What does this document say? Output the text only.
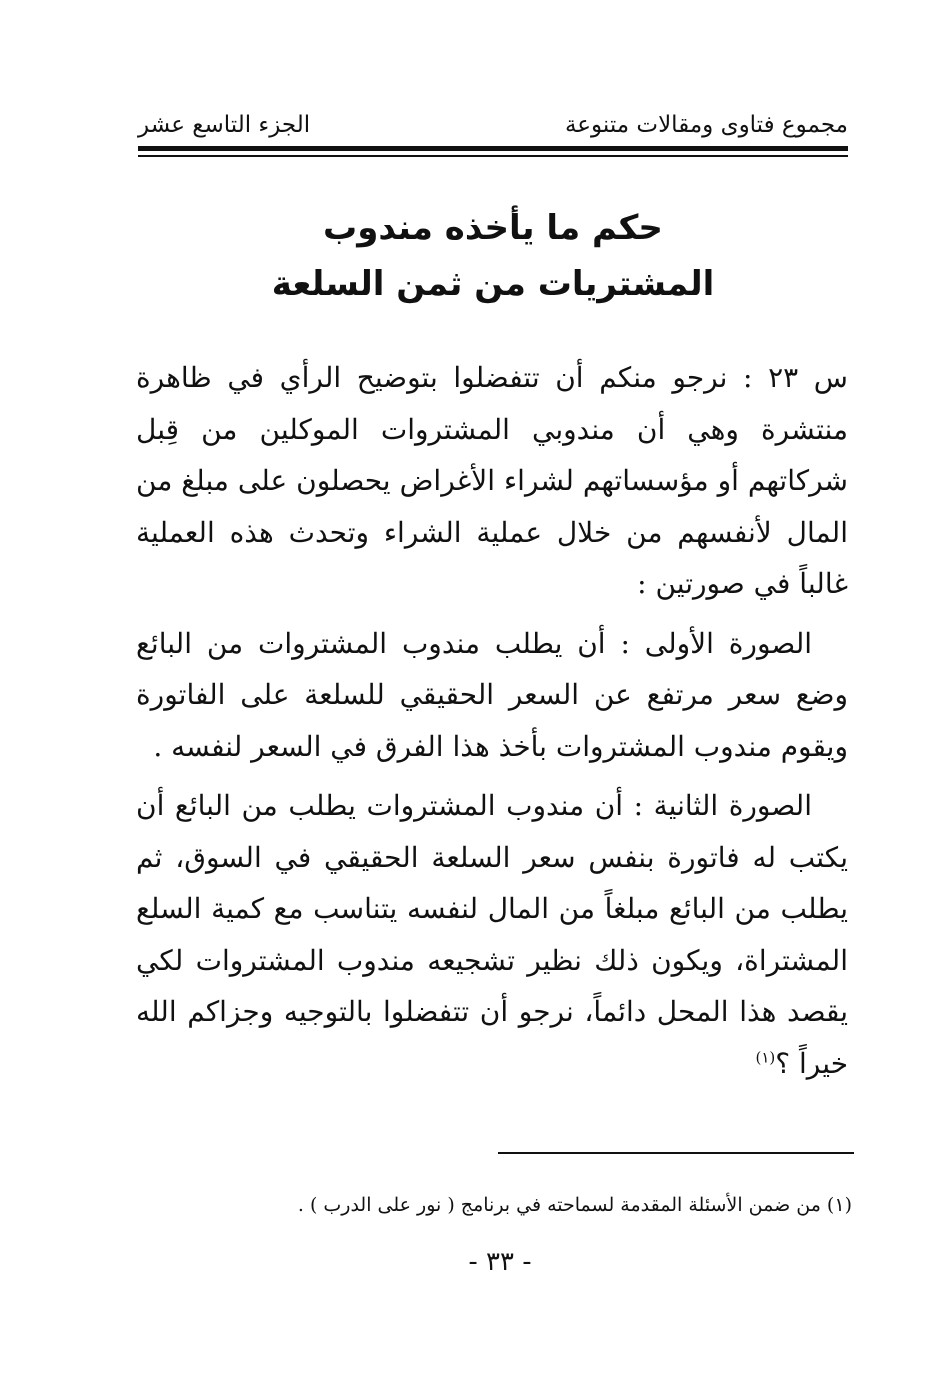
مجموع فتاوى ومقالات متنوعة
الجزء التاسع عشر
حكم ما يأخذه مندوب
المشتريات من ثمن السلعة

س ٢٣ : نرجو منكم أن تتفضلوا بتوضيح الرأي في ظاهرة منتشرة وهي أن مندوبي المشتروات الموكلين من قِبل شركاتهم أو مؤسساتهم لشراء الأغراض يحصلون على مبلغ من المال لأنفسهم من خلال عملية الشراء وتحدث هذه العملية غالباً في صورتين :

الصورة الأولى : أن يطلب مندوب المشتروات من البائع وضع سعر مرتفع عن السعر الحقيقي للسلعة على الفاتورة ويقوم مندوب المشتروات بأخذ هذا الفرق في السعر لنفسه .

الصورة الثانية : أن مندوب المشتروات يطلب من البائع أن يكتب له فاتورة بنفس سعر السلعة الحقيقي في السوق، ثم يطلب من البائع مبلغاً من المال لنفسه يتناسب مع كمية السلع المشتراة، ويكون ذلك نظير تشجيعه مندوب المشتروات لكي يقصد هذا المحل دائماً، نرجو أن تتفضلوا بالتوجيه وجزاكم الله خيراً ؟$^{(١)}$

(١) من ضمن الأسئلة المقدمة لسماحته في برنامج ( نور على الدرب ) .
- ٣٣ -
